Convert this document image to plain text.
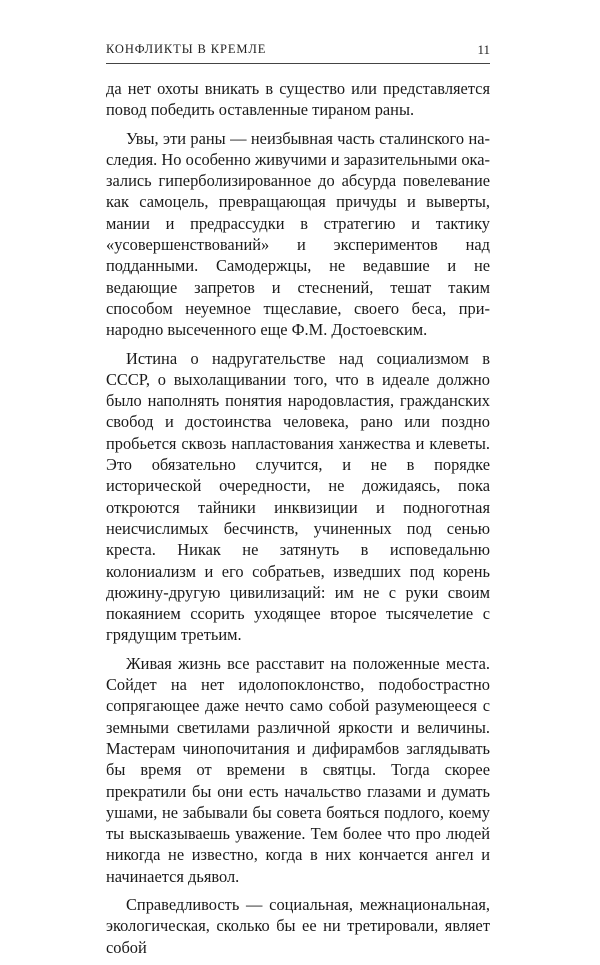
КОНФЛИКТЫ В КРЕМЛЕ	11

да нет охоты вникать в существо или представляется повод победить оставленные тираном раны.

Увы, эти раны — неизбывная часть сталинского наследия. Но особенно живучими и заразительными оказались гиперболизированное до абсурда повелевание как самоцель, превращающая причуды и выверты, мании и предрассудки в стратегию и тактику «усовершенствований» и экспериментов над подданными. Самодержцы, не ведавшие и не ведающие запретов и стеснений, тешат таким способом неуемное тщеславие, своего беса, принародно высеченного еще Ф.М. Достоевским.

Истина о надругательстве над социализмом в СССР, о выхолащивании того, что в идеале должно было наполнять понятия народовластия, гражданских свобод и достоинства человека, рано или поздно пробьется сквозь напластования ханжества и клеветы. Это обязательно случится, и не в порядке исторической очередности, не дожидаясь, пока откроются тайники инквизиции и подноготная неисчислимых бесчинств, учиненных под сенью креста. Никак не затянуть в исповедальню колониализм и его собратьев, изведших под корень дюжину-другую цивилизаций: им не с руки своим покаянием ссорить уходящее второе тысячелетие с грядущим третьим.

Живая жизнь все расставит на положенные места. Сойдет на нет идолопоклонство, подобострастно сопрягающее даже нечто само собой разумеющееся с земными светилами различной яркости и величины. Мастерам чинопочитания и дифирамбов заглядывать бы время от времени в святцы. Тогда скорее прекратили бы они есть начальство глазами и думать ушами, не забывали бы совета бояться подлого, коему ты высказываешь уважение. Тем более что про людей никогда не известно, когда в них кончается ангел и начинается дьявол.

Справедливость — социальная, межнациональная, экологическая, сколько бы ее ни третировали, являет собой
